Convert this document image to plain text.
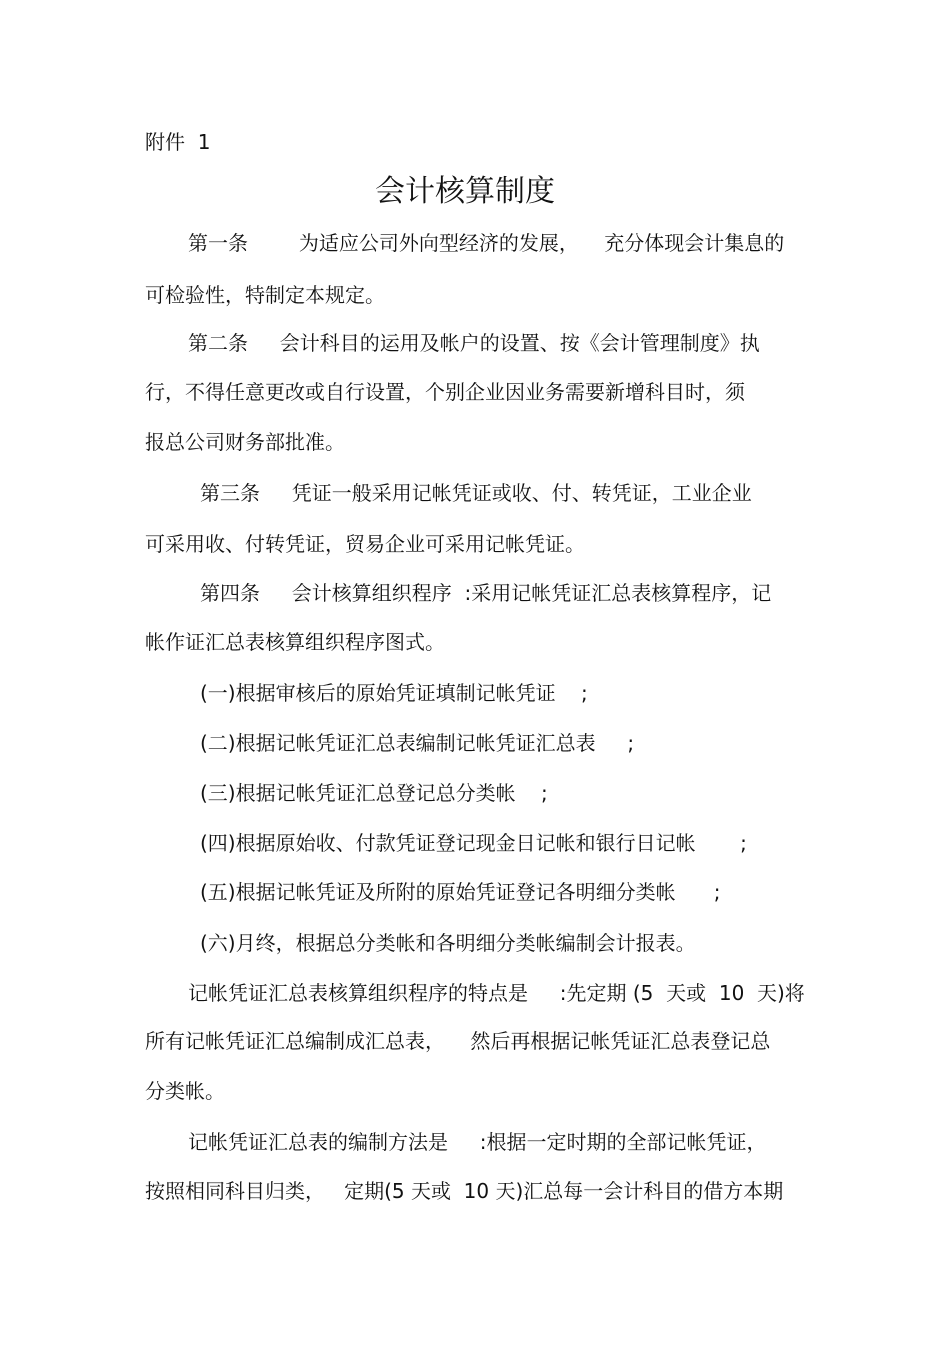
附件  1
会计核算制度

第一条        为适应公司外向型经济的发展，    充分体现会计集息的

可检验性，特制定本规定。

第二条     会计科目的运用及帐户的设置、按《会计管理制度》执

行，不得任意更改或自行设置，个别企业因业务需要新增科目时，须

报总公司财务部批准。

第三条     凭证一般采用记帐凭证或收、付、转凭证，工业企业

可采用收、付转凭证，贸易企业可采用记帐凭证。

第四条     会计核算组织程序  :采用记帐凭证汇总表核算程序，记

帐作证汇总表核算组织程序图式。

(一)根据审核后的原始凭证填制记帐凭证    ;

(二)根据记帐凭证汇总表编制记帐凭证汇总表     ;

(三)根据记帐凭证汇总登记总分类帐    ;

(四)根据原始收、付款凭证登记现金日记帐和银行日记帐       ;

(五)根据记帐凭证及所附的原始凭证登记各明细分类帐      ;

(六)月终，根据总分类帐和各明细分类帐编制会计报表。

记帐凭证汇总表核算组织程序的特点是     :先定期 (5  天或  10  天)将

所有记帐凭证汇总编制成汇总表，    然后再根据记帐凭证汇总表登记总

分类帐。

记帐凭证汇总表的编制方法是     :根据一定时期的全部记帐凭证，

按照相同科目归类，   定期(5 天或  10 天)汇总每一会计科目的借方本期
